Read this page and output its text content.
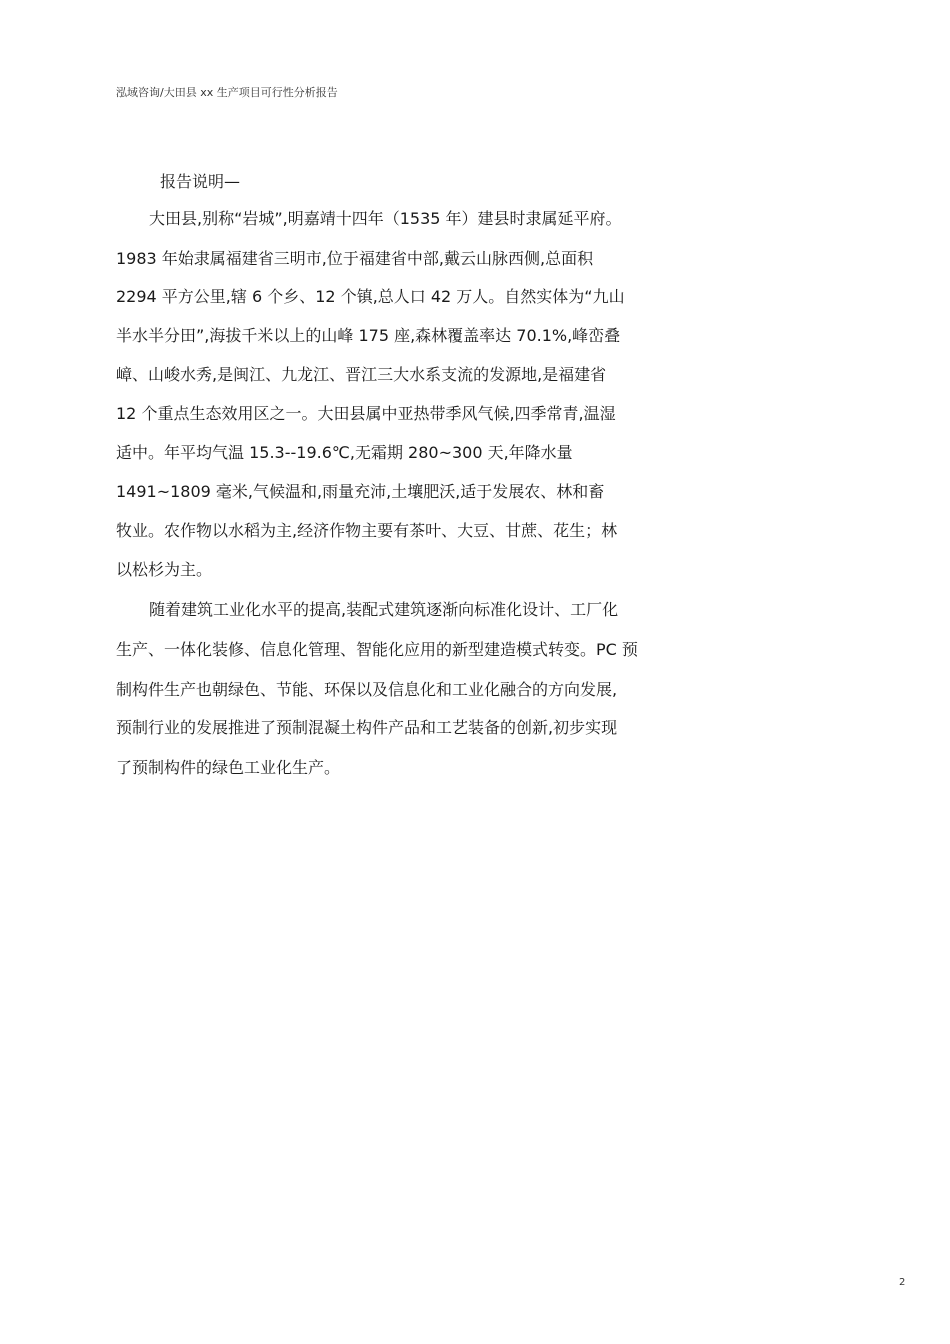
泓域咨询/大田县 xx 生产项目可行性分析报告
报告说明—
大田县,别称“岩城”,明嘉靖十四年（1535 年）建县时隶属延平府。
1983 年始隶属福建省三明市,位于福建省中部,戴云山脉西侧,总面积
2294 平方公里,辖 6 个乡、12 个镇,总人口 42 万人。自然实体为“九山
半水半分田”,海拔千米以上的山峰 175 座,森林覆盖率达 70.1%,峰峦叠
嶂、山峻水秀,是闽江、九龙江、晋江三大水系支流的发源地,是福建省
12 个重点生态效用区之一。大田县属中亚热带季风气候,四季常青,温湿
适中。年平均气温 15.3--19.6℃,无霜期 280~300 天,年降水量
1491~1809 毫米,气候温和,雨量充沛,土壤肥沃,适于发展农、林和畜
牧业。农作物以水稻为主,经济作物主要有茶叶、大豆、甘蔗、花生；林
以松杉为主。
随着建筑工业化水平的提高,装配式建筑逐渐向标准化设计、工厂化
生产、一体化装修、信息化管理、智能化应用的新型建造模式转变。PC 预
制构件生产也朝绿色、节能、环保以及信息化和工业化融合的方向发展,
预制行业的发展推进了预制混凝土构件产品和工艺装备的创新,初步实现
了预制构件的绿色工业化生产。
2
